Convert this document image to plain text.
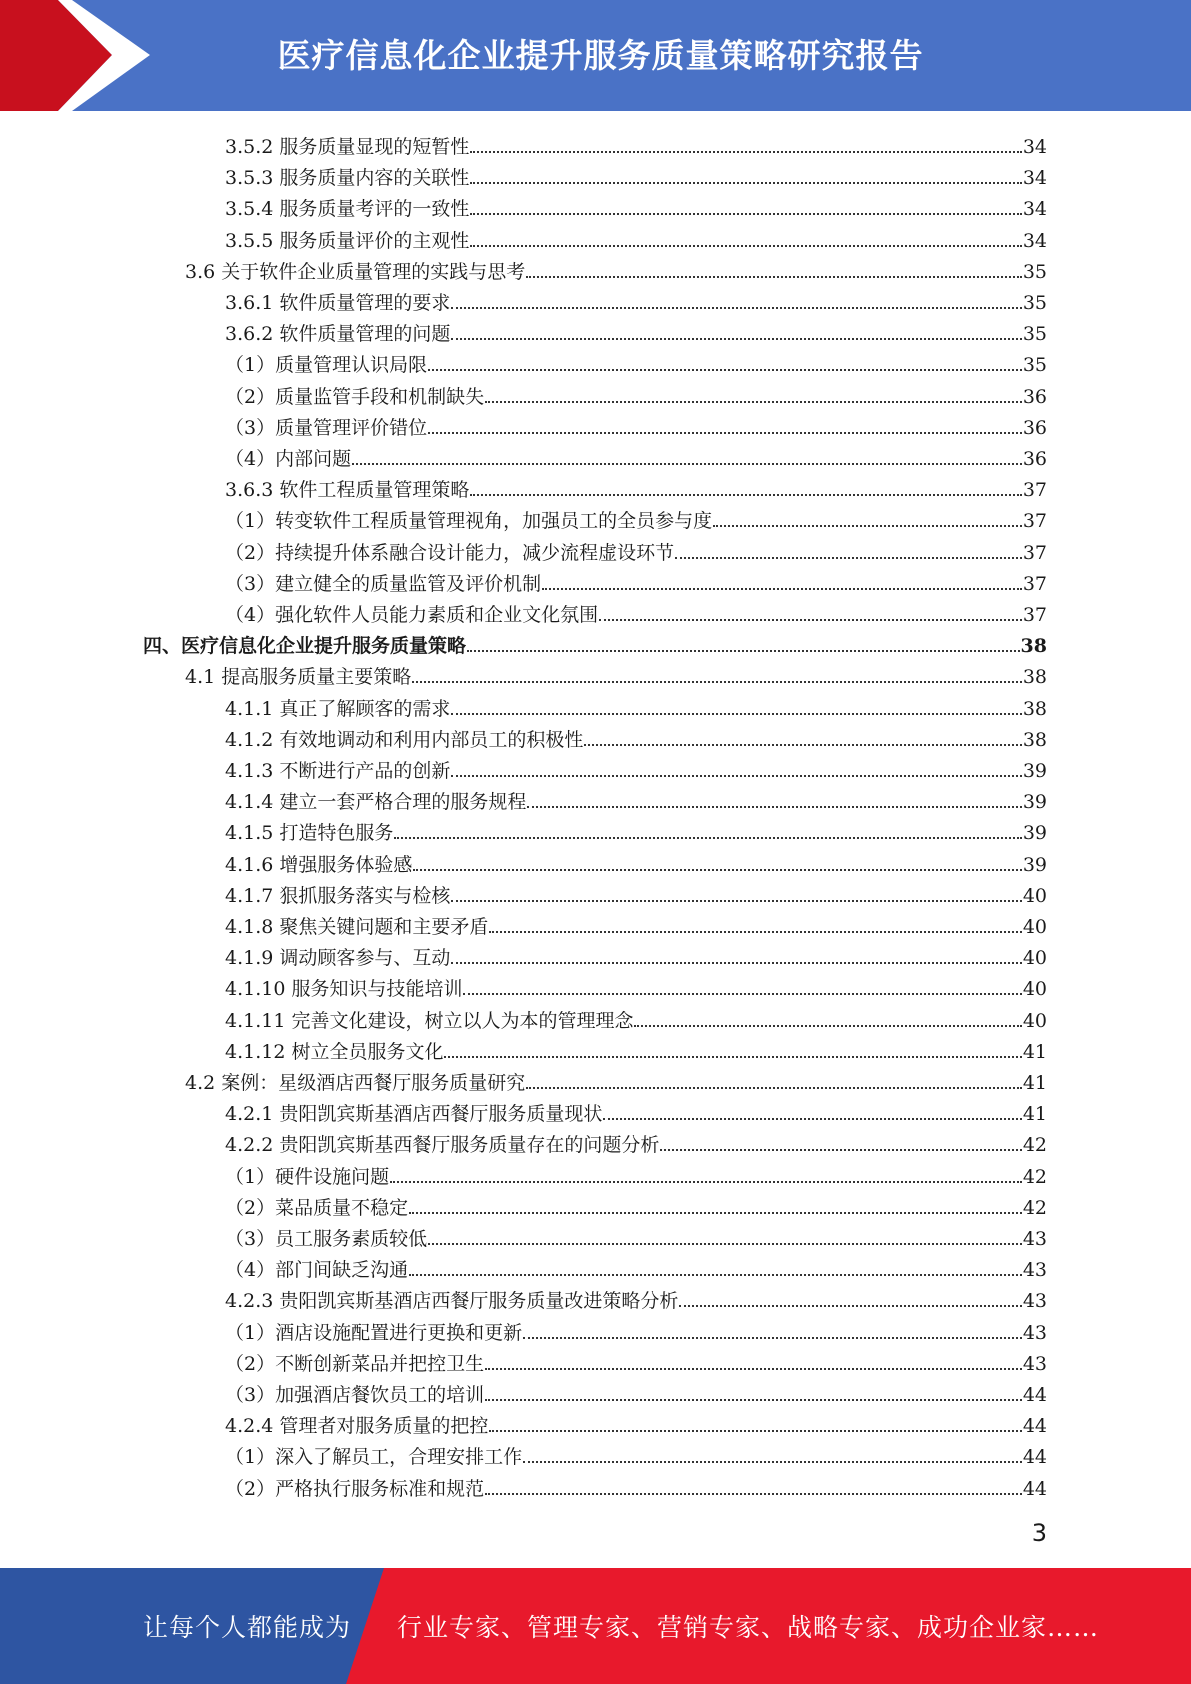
医疗信息化企业提升服务质量策略研究报告
3.5.2 服务质量显现的短暂性	34
3.5.3 服务质量内容的关联性	34
3.5.4 服务质量考评的一致性	34
3.5.5 服务质量评价的主观性	34
3.6 关于软件企业质量管理的实践与思考	35
3.6.1 软件质量管理的要求	35
3.6.2 软件质量管理的问题	35
（1）质量管理认识局限	35
（2）质量监管手段和机制缺失	36
（3）质量管理评价错位	36
（4）内部问题	36
3.6.3 软件工程质量管理策略	37
（1）转变软件工程质量管理视角，加强员工的全员参与度	37
（2）持续提升体系融合设计能力，减少流程虚设环节	37
（3）建立健全的质量监管及评价机制	37
（4）强化软件人员能力素质和企业文化氛围	37
四、医疗信息化企业提升服务质量策略	38
4.1 提高服务质量主要策略	38
4.1.1 真正了解顾客的需求	38
4.1.2 有效地调动和利用内部员工的积极性	38
4.1.3 不断进行产品的创新	39
4.1.4 建立一套严格合理的服务规程	39
4.1.5 打造特色服务	39
4.1.6 增强服务体验感	39
4.1.7 狠抓服务落实与检核	40
4.1.8 聚焦关键问题和主要矛盾	40
4.1.9 调动顾客参与、互动	40
4.1.10 服务知识与技能培训	40
4.1.11 完善文化建设，树立以人为本的管理理念	40
4.1.12 树立全员服务文化	41
4.2 案例：星级酒店西餐厅服务质量研究	41
4.2.1 贵阳凯宾斯基酒店西餐厅服务质量现状	41
4.2.2 贵阳凯宾斯基西餐厅服务质量存在的问题分析	42
（1）硬件设施问题	42
（2）菜品质量不稳定	42
（3）员工服务素质较低	43
（4）部门间缺乏沟通	43
4.2.3 贵阳凯宾斯基酒店西餐厅服务质量改进策略分析	43
（1）酒店设施配置进行更换和更新	43
（2）不断创新菜品并把控卫生	43
（3）加强酒店餐饮员工的培训	44
4.2.4 管理者对服务质量的把控	44
（1）深入了解员工，合理安排工作	44
（2）严格执行服务标准和规范	44
3
让每个人都能成为 行业专家、管理专家、营销专家、战略专家、成功企业家……
